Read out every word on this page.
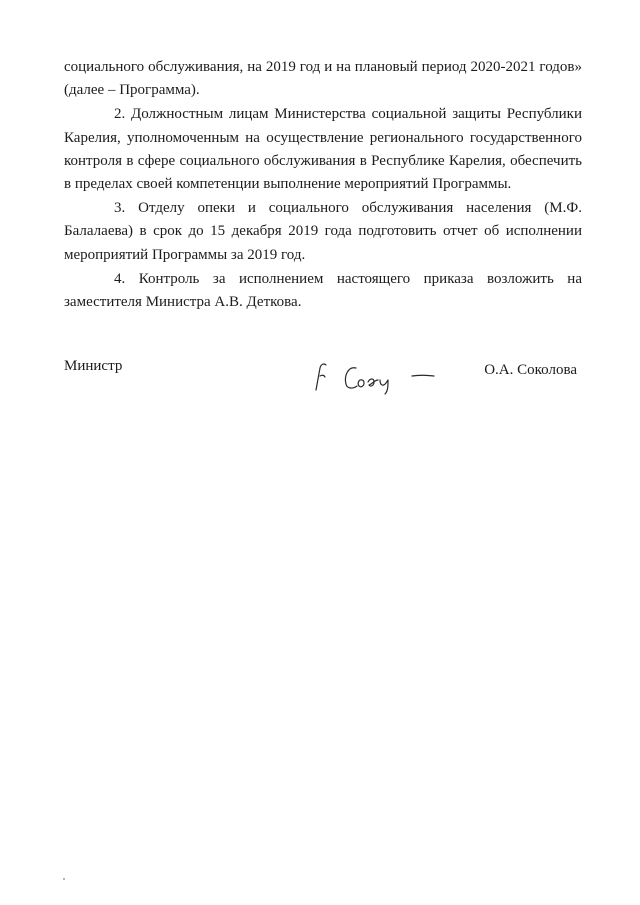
социального обслуживания, на 2019 год и на плановый период 2020-2021 годов» (далее – Программа).

2. Должностным лицам Министерства социальной защиты Республики Карелия, уполномоченным на осуществление регионального государственного контроля в сфере социального обслуживания в Республике Карелия, обеспечить в пределах своей компетенции выполнение мероприятий Программы.

3. Отделу опеки и социального обслуживания населения (М.Ф. Балалаева) в срок до 15 декабря 2019 года подготовить отчет об исполнении мероприятий Программы за 2019 год.

4. Контроль за исполнением настоящего приказа возложить на заместителя Министра А.В. Деткова.

Министр	О.А. Соколова
